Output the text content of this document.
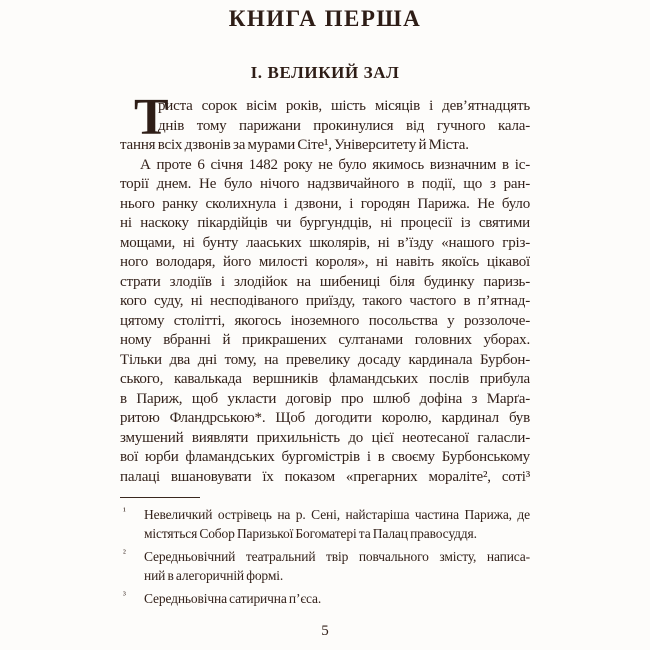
КНИГА ПЕРША
І. ВЕЛИКИЙ ЗАЛ
Т
риста сорок вісім років, шість місяців і дев’ятнадцять
днів тому парижани прокинулися від гучного кала-
тання всіх дзвонів за мурами Сіте¹, Університету й Міста.
А проте 6 січня 1482 року не було якимось визначним в іс-
торії днем. Не було нічого надзвичайного в події, що з ран-
нього ранку сколихнула і дзвони, і городян Парижа. Не було
ні наскоку пікардійців чи бургундців, ні процесії із святими
мощами, ні бунту лааських школярів, ні в’їзду «нашого гріз-
ного володаря, його милості короля», ні навіть якоїсь цікавої
страти злодіїв і злодійок на шибениці біля будинку паризь-
кого суду, ні несподіваного приїзду, такого частого в п’ятнад-
цятому столітті, якогось іноземного посольства у роззолоче-
ному вбранні й прикрашених султанами головних уборах.
Тільки два дні тому, на превелику досаду кардинала Бурбон-
ського, кавалькада вершників фламандських послів прибула
в Париж, щоб укласти договір про шлюб дофіна з Марґа-
ритою Фландрською*. Щоб догодити королю, кардинал був
змушений виявляти прихильність до цієї неотесаної галасли-
вої юрби фламандських бургомістрів і в своєму Бурбонському
палаці вшановувати їх показом «прегарних мораліте², соті³
¹	Невеличкий острівець на р. Сені, найстаріша частина Парижа, де
містяться Собор Паризької Богоматері та Палац правосуддя.
²	Середньовічний театральний твір повчального змісту, написа-
ний в алегоричній формі.
³	Середньовічна сатирична п’єса.
5
